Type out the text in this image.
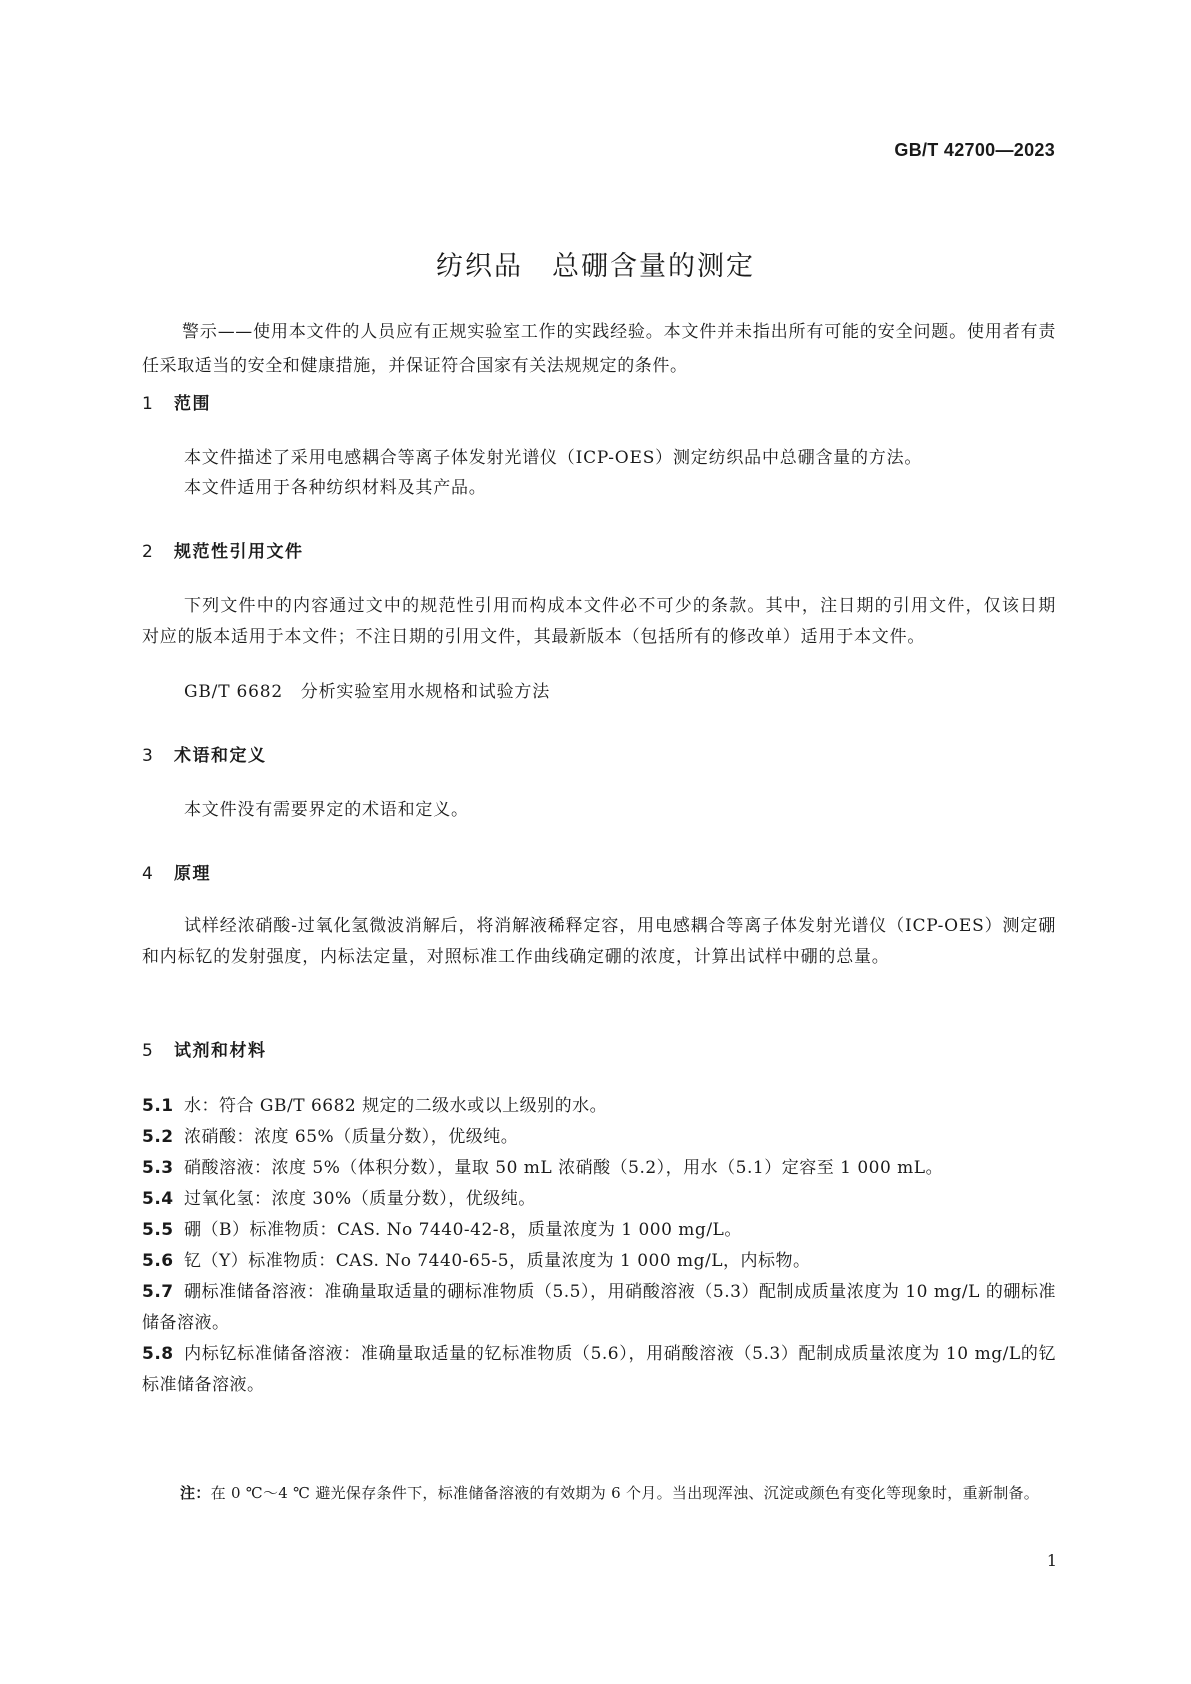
GB/T 42700—2023
纺织品　总硼含量的测定
警示——使用本文件的人员应有正规实验室工作的实践经验。本文件并未指出所有可能的安全问题。使用者有责任采取适当的安全和健康措施，并保证符合国家有关法规规定的条件。
1 范围
本文件描述了采用电感耦合等离子体发射光谱仪（ICP-OES）测定纺织品中总硼含量的方法。
本文件适用于各种纺织材料及其产品。
2 规范性引用文件
下列文件中的内容通过文中的规范性引用而构成本文件必不可少的条款。其中，注日期的引用文件，仅该日期对应的版本适用于本文件；不注日期的引用文件，其最新版本（包括所有的修改单）适用于本文件。
GB/T 6682　分析实验室用水规格和试验方法
3 术语和定义
本文件没有需要界定的术语和定义。
4 原理
试样经浓硝酸-过氧化氢微波消解后，将消解液稀释定容，用电感耦合等离子体发射光谱仪（ICP-OES）测定硼和内标钇的发射强度，内标法定量，对照标准工作曲线确定硼的浓度，计算出试样中硼的总量。
5 试剂和材料
5.1 水：符合 GB/T 6682 规定的二级水或以上级别的水。
5.2 浓硝酸：浓度 65%（质量分数），优级纯。
5.3 硝酸溶液：浓度 5%（体积分数），量取 50 mL 浓硝酸（5.2），用水（5.1）定容至 1 000 mL。
5.4 过氧化氢：浓度 30%（质量分数），优级纯。
5.5 硼（B）标准物质：CAS. No 7440-42-8，质量浓度为 1 000 mg/L。
5.6 钇（Y）标准物质：CAS. No 7440-65-5，质量浓度为 1 000 mg/L，内标物。
5.7 硼标准储备溶液：准确量取适量的硼标准物质（5.5），用硝酸溶液（5.3）配制成质量浓度为 10 mg/L 的硼标准储备溶液。
5.8 内标钇标准储备溶液：准确量取适量的钇标准物质（5.6），用硝酸溶液（5.3）配制成质量浓度为 10 mg/L的钇标准储备溶液。
注：在 0 ℃～4 ℃ 避光保存条件下，标准储备溶液的有效期为 6 个月。当出现浑浊、沉淀或颜色有变化等现象时，重新制备。
1
